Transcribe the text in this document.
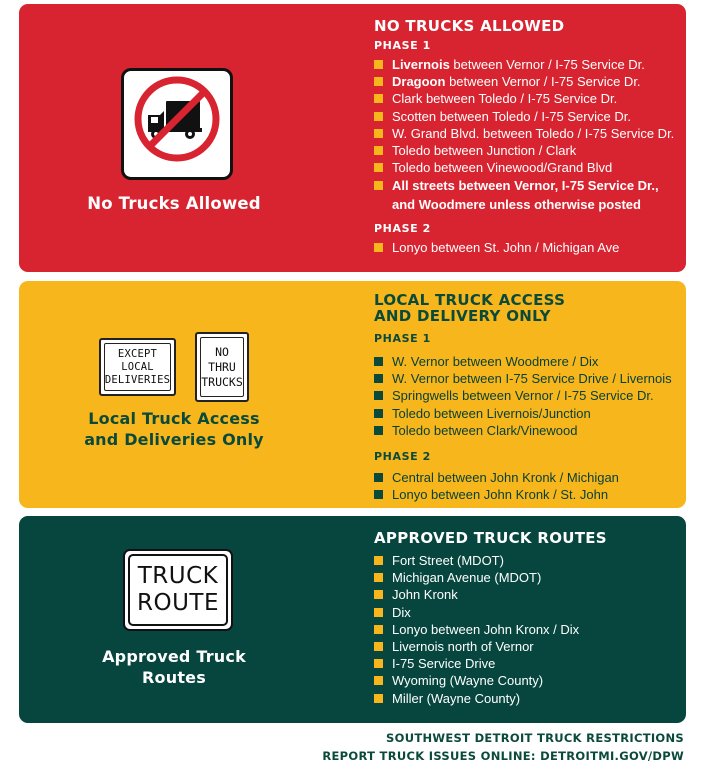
No Trucks Allowed

NO TRUCKS ALLOWED

PHASE 1

Livernois between Vernor / I-75 Service Dr.
Dragoon between Vernor / I-75 Service Dr.
Clark between Toledo / I-75 Service Dr.
Scotten between Toledo / I-75 Service Dr.
W. Grand Blvd. between Toledo / I-75 Service Dr.
Toledo between Junction / Clark
Toledo between Vinewood/Grand Blvd
All streets between Vernor, I-75 Service Dr., and Woodmere unless otherwise posted

PHASE 2

Lonyo between St. John / Michigan Ave
EXCEPT
LOCAL
DELIVERIES
NO
THRU
TRUCKS
Local Truck Access
and Deliveries Only

LOCAL TRUCK ACCESS

AND DELIVERY ONLY

PHASE 1

W. Vernor between Woodmere / Dix
W. Vernor between I-75 Service Drive / Livernois
Springwells between Vernor / I-75 Service Dr.
Toledo between Livernois/Junction
Toledo between Clark/Vinewood

PHASE 2

Central between John Kronk / Michigan
Lonyo between John Kronk / St. John
TRUCK
ROUTE
Approved Truck
Routes

APPROVED TRUCK ROUTES

Fort Street (MDOT)
Michigan Avenue (MDOT)
John Kronk
Dix
Lonyo between John Kronx / Dix
Livernois north of Vernor
I-75 Service Drive
Wyoming (Wayne County)
Miller (Wayne County)
SOUTHWEST DETROIT TRUCK RESTRICTIONS
REPORT TRUCK ISSUES ONLINE: DETROITMI.GOV/DPW
